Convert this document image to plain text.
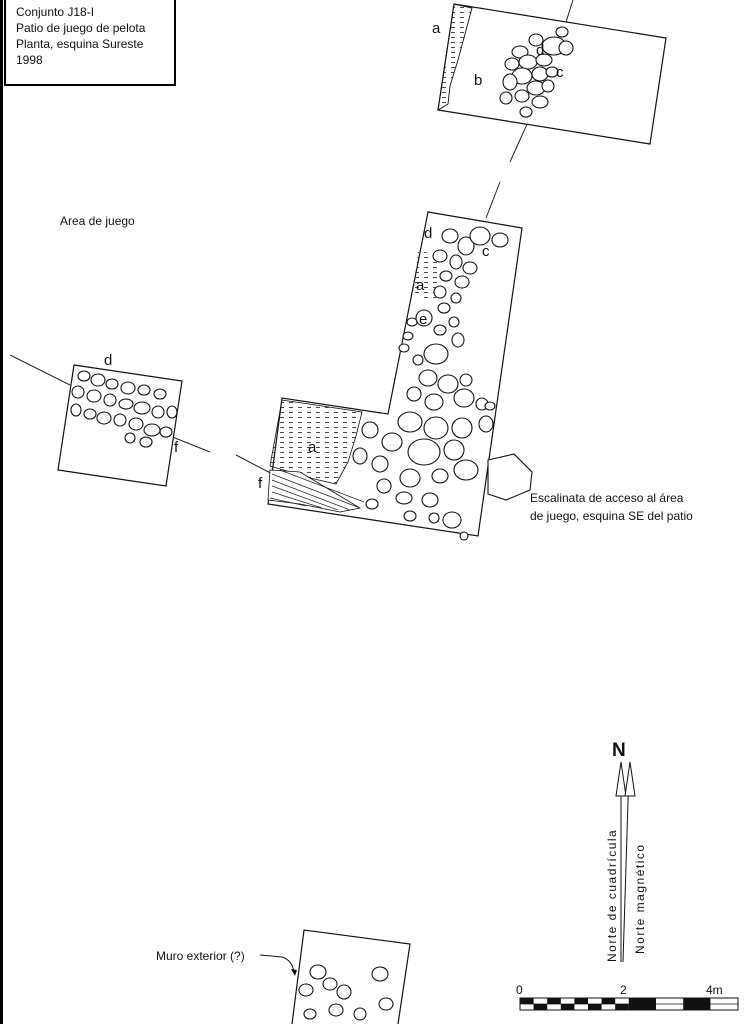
Conjunto J18-I
Patio de juego de pelota
Planta, esquina Sureste
1998
a
b	c
d
d
f
d
c
a
e
a
f
Area de juego
Escalinata de acceso al área
de juego, esquina SE del patio
Muro exterior (?)
N
Norte de cuadrícula Norte magnético
0	2	4m
